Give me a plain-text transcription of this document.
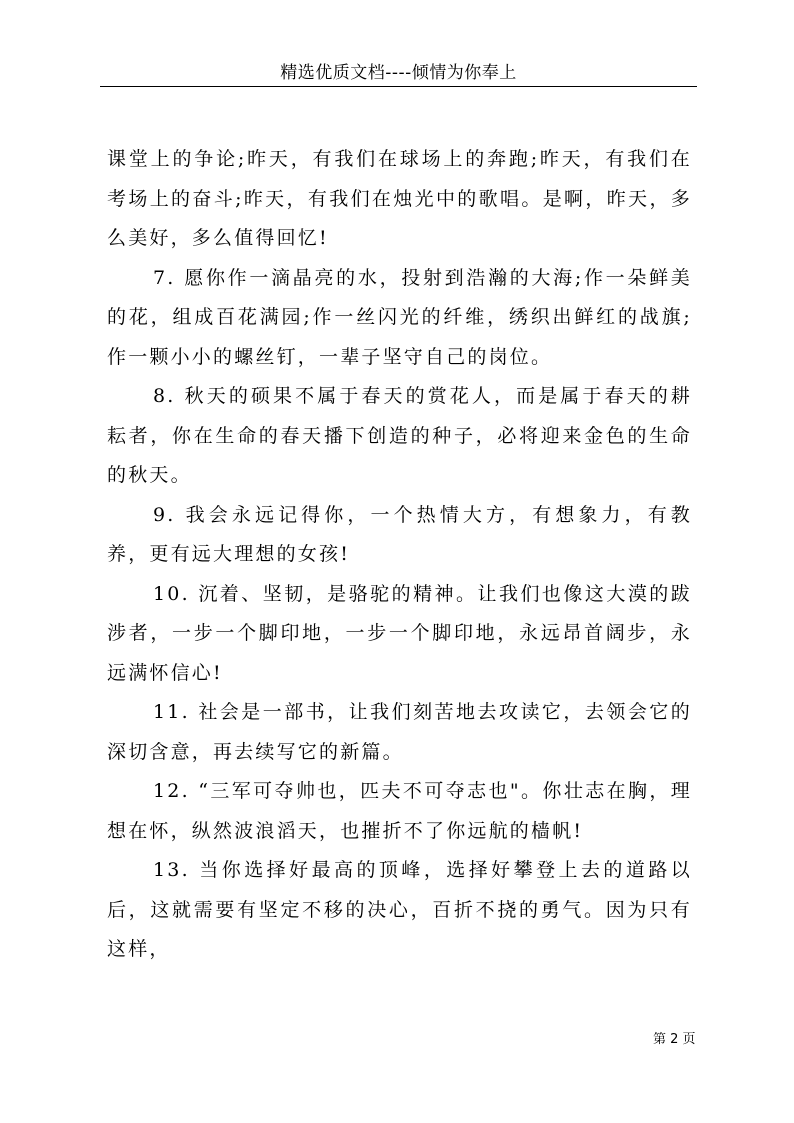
精选优质文档----倾情为你奉上

课堂上的争论;昨天，有我们在球场上的奔跑;昨天，有我们在考场上的奋斗;昨天，有我们在烛光中的歌唱。是啊，昨天，多么美好，多么值得回忆!

7. 愿你作一滴晶亮的水，投射到浩瀚的大海;作一朵鲜美的花，组成百花满园;作一丝闪光的纤维，绣织出鲜红的战旗;作一颗小小的螺丝钉，一辈子坚守自己的岗位。

8. 秋天的硕果不属于春天的赏花人，而是属于春天的耕耘者，你在生命的春天播下创造的种子，必将迎来金色的生命的秋天。

9. 我会永远记得你，一个热情大方，有想象力，有教养，更有远大理想的女孩!

10. 沉着、坚韧，是骆驼的精神。让我们也像这大漠的跋涉者，一步一个脚印地，一步一个脚印地，永远昂首阔步，永远满怀信心!

11. 社会是一部书，让我们刻苦地去攻读它，去领会它的深切含意，再去续写它的新篇。

12. “三军可夺帅也，匹夫不可夺志也"。你壮志在胸，理想在怀，纵然波浪滔天，也摧折不了你远航的樯帆!

13. 当你选择好最高的顶峰，选择好攀登上去的道路以后，这就需要有坚定不移的决心，百折不挠的勇气。因为只有这样，

第 2 页
